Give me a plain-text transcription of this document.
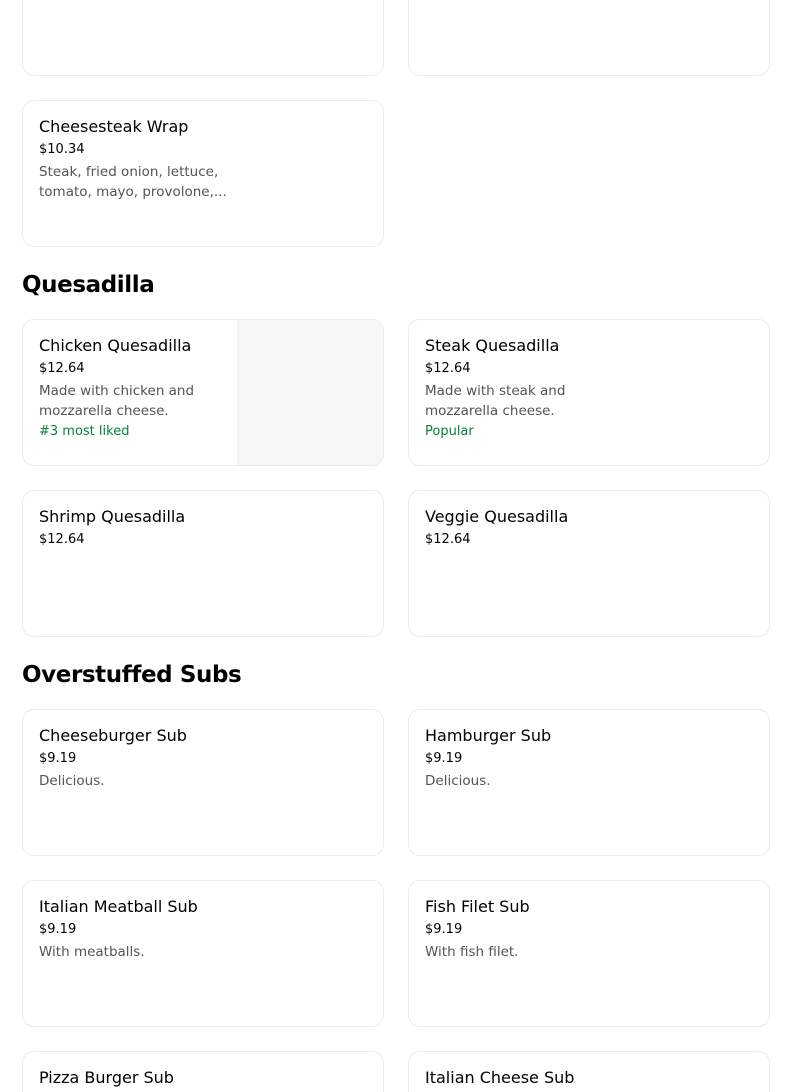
Cheesesteak Wrap
$10.34
Steak, fried onion, lettuce, tomato, mayo, provolone,...
Quesadilla
Chicken Quesadilla
$12.64
Made with chicken and mozzarella cheese.
#3 most liked
Steak Quesadilla
$12.64
Made with steak and mozzarella cheese.
Popular
Shrimp Quesadilla
$12.64
Veggie Quesadilla
$12.64
Overstuffed Subs
Cheeseburger Sub
$9.19
Delicious.
Hamburger Sub
$9.19
Delicious.
Italian Meatball Sub
$9.19
With meatballs.
Fish Filet Sub
$9.19
With fish filet.
Pizza Burger Sub	Italian Cheese Sub
